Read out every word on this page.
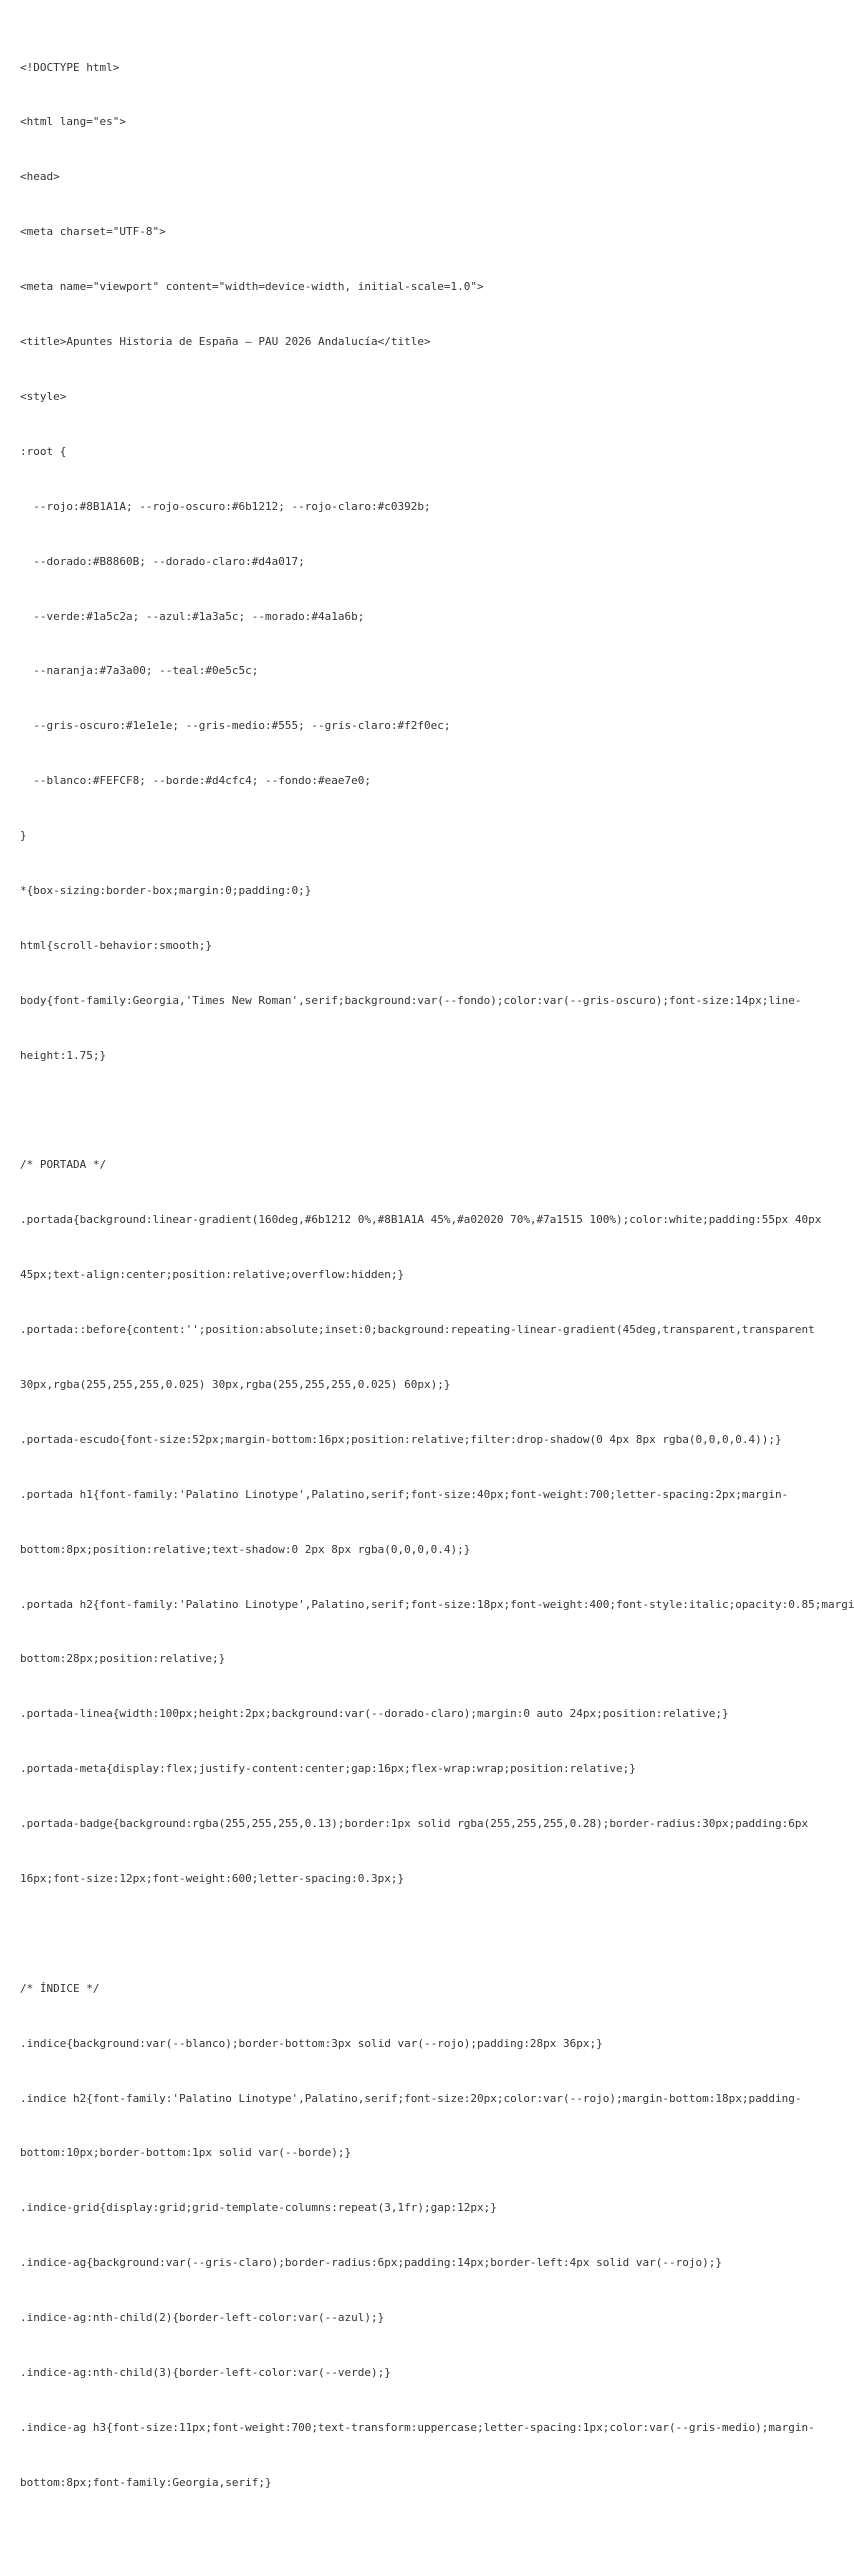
<!DOCTYPE html>

<html lang="es">

<head>

<meta charset="UTF-8">

<meta name="viewport" content="width=device-width, initial-scale=1.0">

<title>Apuntes Historia de España – PAU 2026 Andalucía</title>

<style>

:root {

--rojo:#8B1A1A; --rojo-oscuro:#6b1212; --rojo-claro:#c0392b;

--dorado:#B8860B; --dorado-claro:#d4a017;

--verde:#1a5c2a; --azul:#1a3a5c; --morado:#4a1a6b;

--naranja:#7a3a00; --teal:#0e5c5c;

--gris-oscuro:#1e1e1e; --gris-medio:#555; --gris-claro:#f2f0ec;

--blanco:#FEFCF8; --borde:#d4cfc4; --fondo:#eae7e0;

}

*{box-sizing:border-box;margin:0;padding:0;}

html{scroll-behavior:smooth;}

body{font-family:Georgia,'Times New Roman',serif;background:var(--fondo);color:var(--gris-oscuro);font-size:14px;line-

height:1.75;}

/* PORTADA */

.portada{background:linear-gradient(160deg,#6b1212 0%,#8B1A1A 45%,#a02020 70%,#7a1515 100%);color:white;padding:55px 40px

45px;text-align:center;position:relative;overflow:hidden;}

.portada::before{content:'';position:absolute;inset:0;background:repeating-linear-gradient(45deg,transparent,transparent

30px,rgba(255,255,255,0.025) 30px,rgba(255,255,255,0.025) 60px);}

.portada-escudo{font-size:52px;margin-bottom:16px;position:relative;filter:drop-shadow(0 4px 8px rgba(0,0,0,0.4));}

.portada h1{font-family:'Palatino Linotype',Palatino,serif;font-size:40px;font-weight:700;letter-spacing:2px;margin-

bottom:8px;position:relative;text-shadow:0 2px 8px rgba(0,0,0,0.4);}

.portada h2{font-family:'Palatino Linotype',Palatino,serif;font-size:18px;font-weight:400;font-style:italic;opacity:0.85;margi

bottom:28px;position:relative;}

.portada-linea{width:100px;height:2px;background:var(--dorado-claro);margin:0 auto 24px;position:relative;}

.portada-meta{display:flex;justify-content:center;gap:16px;flex-wrap:wrap;position:relative;}

.portada-badge{background:rgba(255,255,255,0.13);border:1px solid rgba(255,255,255,0.28);border-radius:30px;padding:6px

16px;font-size:12px;font-weight:600;letter-spacing:0.3px;}

/* ÍNDICE */

.indice{background:var(--blanco);border-bottom:3px solid var(--rojo);padding:28px 36px;}

.indice h2{font-family:'Palatino Linotype',Palatino,serif;font-size:20px;color:var(--rojo);margin-bottom:18px;padding-

bottom:10px;border-bottom:1px solid var(--borde);}

.indice-grid{display:grid;grid-template-columns:repeat(3,1fr);gap:12px;}

.indice-ag{background:var(--gris-claro);border-radius:6px;padding:14px;border-left:4px solid var(--rojo);}

.indice-ag:nth-child(2){border-left-color:var(--azul);}

.indice-ag:nth-child(3){border-left-color:var(--verde);}

.indice-ag h3{font-size:11px;font-weight:700;text-transform:uppercase;letter-spacing:1px;color:var(--gris-medio);margin-

bottom:8px;font-family:Georgia,serif;}
